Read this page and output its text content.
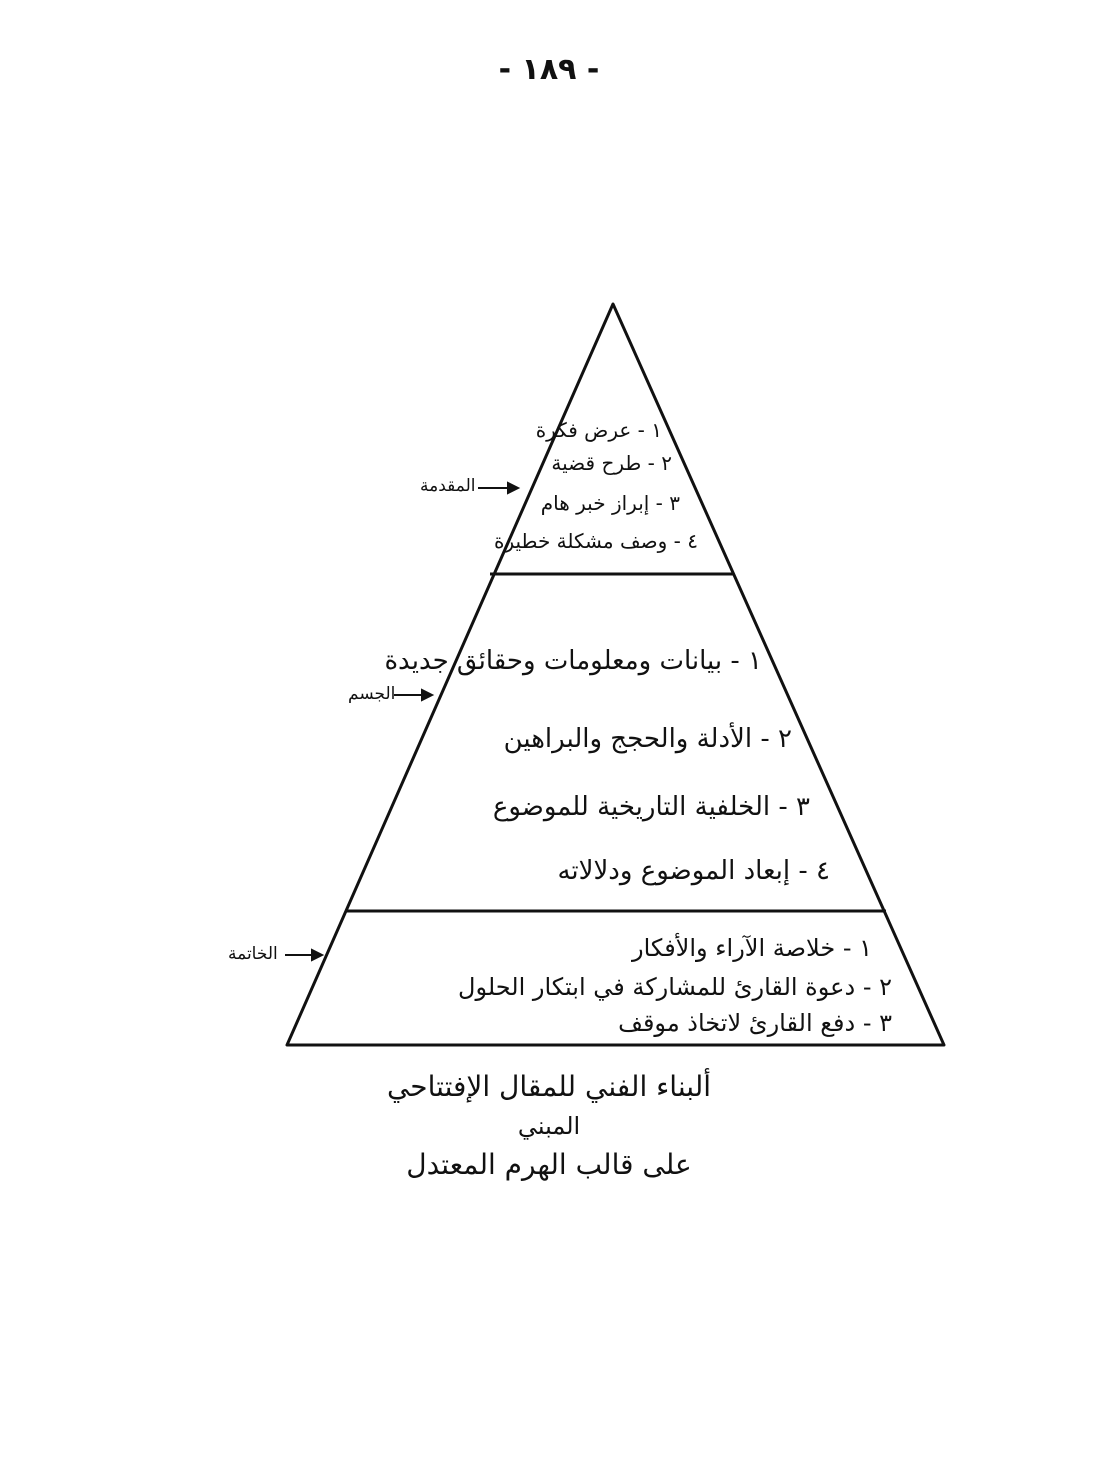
- ١٨٩ -
المقدمة
الجسم
الخاتمة
١ - عرض فكرة
٢ - طرح قضية
٣ - إبراز خبر هام
٤ - وصف مشكلة خطيرة
١ - بيانات ومعلومات وحقائق جديدة
٢ - الأدلة والحجج والبراهين
٣ - الخلفية التاريخية للموضوع
٤ - إبعاد الموضوع ودلالاته
١ - خلاصة الآراء والأفكار
٢ - دعوة القارئ للمشاركة في ابتكار الحلول
٣ - دفع القارئ لاتخاذ موقف
ألبناء الفني للمقال الإفتتاحي
المبني
على قالب الهرم المعتدل
